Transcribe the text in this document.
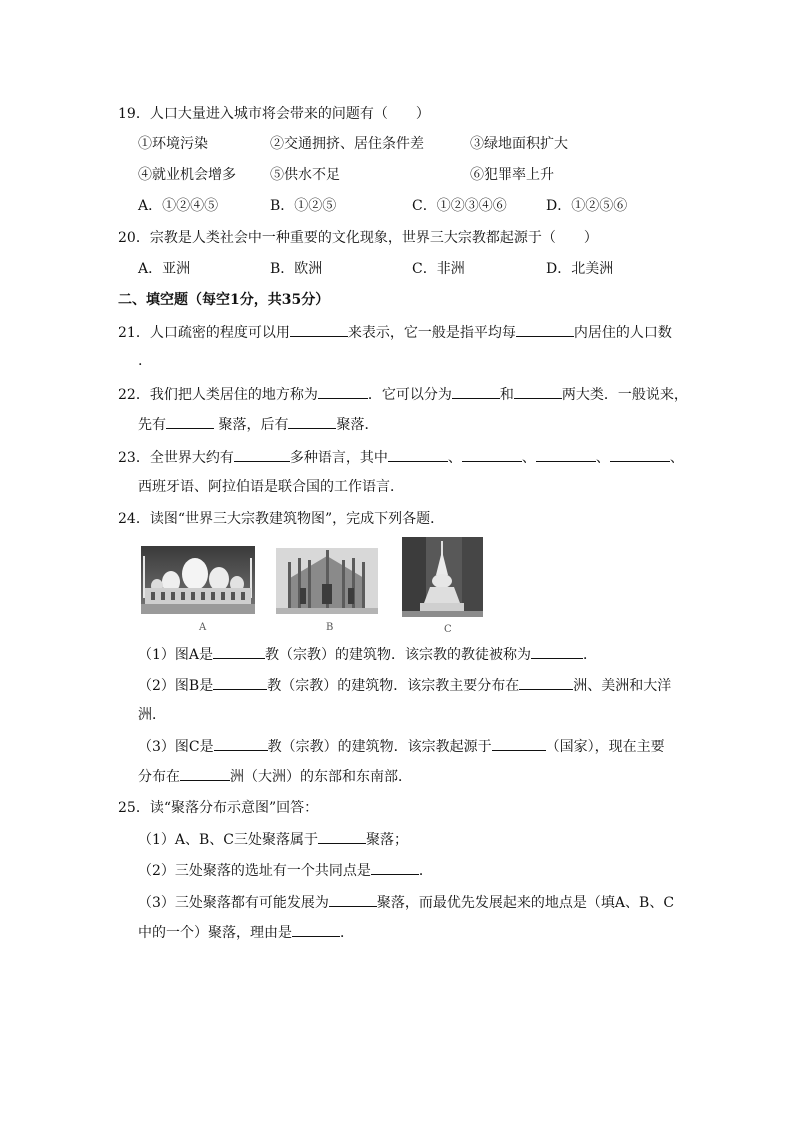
19．人口大量进入城市将会带来的问题有（　　）
①环境污染	②交通拥挤、居住条件差	③绿地面积扩大
④就业机会增多 ⑤供水不足	⑥犯罪率上升
A．①②④⑤	B．①②⑤	C．①②③④⑥	D．①②⑤⑥
20．宗教是人类社会中一种重要的文化现象，世界三大宗教都起源于（　　）
A．亚洲	B．欧洲	C．非洲	D．北美洲
二、填空题（每空1分，共35分）
21．人口疏密的程度可以用	来表示，它一般是指平均每	内居住的人口数
.
22．我们把人类居住的地方称为	．它可以分为	和	两大类．一般说来，
先有	聚落，后有	聚落．
23．全世界大约有	多种语言，其中	、	、	、	、
西班牙语、阿拉伯语是联合国的工作语言．
24．读图“世界三大宗教建筑物图”，完成下列各题．
A	B	C
（1）图A是	教（宗教）的建筑物．该宗教的教徒被称为	．
（2）图B是	教（宗教）的建筑物．该宗教主要分布在	洲、美洲和大洋
洲．
（3）图C是	教（宗教）的建筑物．该宗教起源于	（国家），现在主要
分布在	洲（大洲）的东部和东南部．
25．读“聚落分布示意图”回答：
（1）A、B、C三处聚落属于	聚落；
（2）三处聚落的选址有一个共同点是	．
（3）三处聚落都有可能发展为	聚落，而最优先发展起来的地点是（填A、B、C
中的一个）聚落，理由是	．
